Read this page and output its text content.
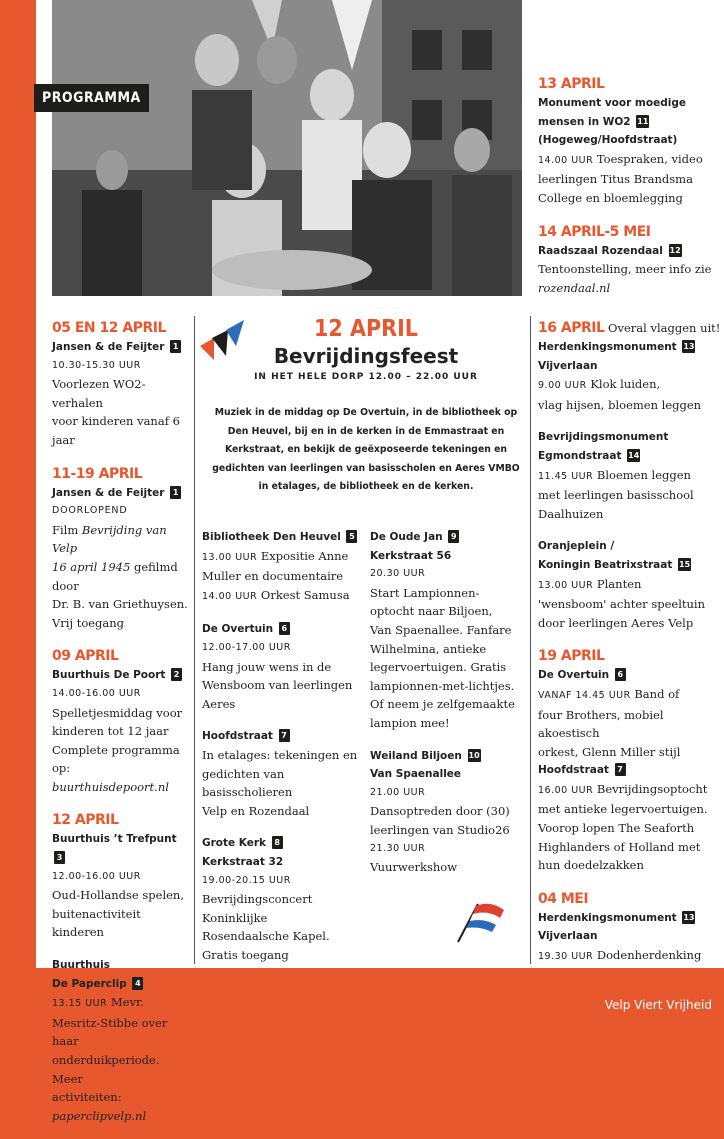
PROGRAMMA
12 APRIL
Bevrijdingsfeest
IN HET HELE DORP 12.00 – 22.00 UUR
Muziek in de middag op De Overtuin, in de bibliotheek op Den Heuvel, bij en in de kerken in de Emmastraat en Kerkstraat, en bekijk de geëxposeerde tekeningen en gedichten van leerlingen van basisscholen en Aeres VMBO in etalages, de bibliotheek en de kerken.
05 EN 12 APRIL
Jansen & de Feijter 1
10.30-15.30 UUR
Voorlezen WO2-verhalen
voor kinderen vanaf 6 jaar
11-19 APRIL
Jansen & de Feijter 1
DOORLOPEND
Film Bevrijding van Velp
16 april 1945 gefilmd door
Dr. B. van Griethuysen.
Vrij toegang
09 APRIL
Buurthuis De Poort 2
14.00-16.00 UUR
Spelletjesmiddag voor
kinderen tot 12 jaar
Complete programma op:
buurthuisdepoort.nl
12 APRIL
Buurthuis ’t Trefpunt 3
12.00-16.00 UUR
Oud-Hollandse spelen,
buitenactiviteit kinderen
Buurthuis
De Paperclip 4
13.15 UUR Mevr.
Mesritz-Stibbe over haar
onderduikperiode. Meer
activiteiten: paperclipvelp.nl
Bibliotheek Den Heuvel 5
13.00 UUR Expositie Anne
Muller en documentaire
14.00 UUR Orkest Samusa
De Overtuin 6
12.00-17.00 UUR
Hang jouw wens in de
Wensboom van leerlingen
Aeres
Hoofdstraat 7
In etalages: tekeningen en
gedichten van basisscholieren
Velp en Rozendaal
Grote Kerk 8
Kerkstraat 32
19.00-20.15 UUR
Bevrijdingsconcert Koninklijke
Rosendaalsche Kapel.
Gratis toegang
De Oude Jan 9
Kerkstraat 56
20.30 UUR
Start Lampionnen-
optocht naar Biljoen,
Van Spaenallee. Fanfare
Wilhelmina, antieke
legervoertuigen. Gratis
lampionnen-met-lichtjes.
Of neem je zelfgemaakte
lampion mee!
Weiland Biljoen 10
Van Spaenallee
21.00 UUR
Dansoptreden door (30)
leerlingen van Studio26
21.30 UUR
Vuurwerkshow
13 APRIL
Monument voor moedige
mensen in WO2 11
(Hogeweg/Hoofdstraat)
14.00 UUR Toespraken, video
leerlingen Titus Brandsma
College en bloemlegging
14 APRIL-5 MEI
Raadszaal Rozendaal 12
Tentoonstelling, meer info zie
rozendaal.nl
16 APRIL Overal vlaggen uit!
Herdenkingsmonument 13
Vijverlaan
9.00 UUR Klok luiden,
vlag hijsen, bloemen leggen
Bevrijdingsmonument
Egmondstraat 14
11.45 UUR Bloemen leggen
met leerlingen basisschool
Daalhuizen
Oranjeplein /
Koningin Beatrixstraat 15
13.00 UUR Planten
'wensboom' achter speeltuin
door leerlingen Aeres Velp
19 APRIL
De Overtuin 6
VANAF 14.45 UUR Band of
four Brothers, mobiel akoestisch
orkest, Glenn Miller stijl
Hoofdstraat 7
16.00 UUR Bevrijdingsoptocht
met antieke legervoertuigen.
Voorop lopen The Seaforth
Highlanders of Holland met
hun doedelzakken
04 MEI
Herdenkingsmonument 13
Vijverlaan
19.30 UUR Dodenherdenking
Velp Viert Vrijheid
